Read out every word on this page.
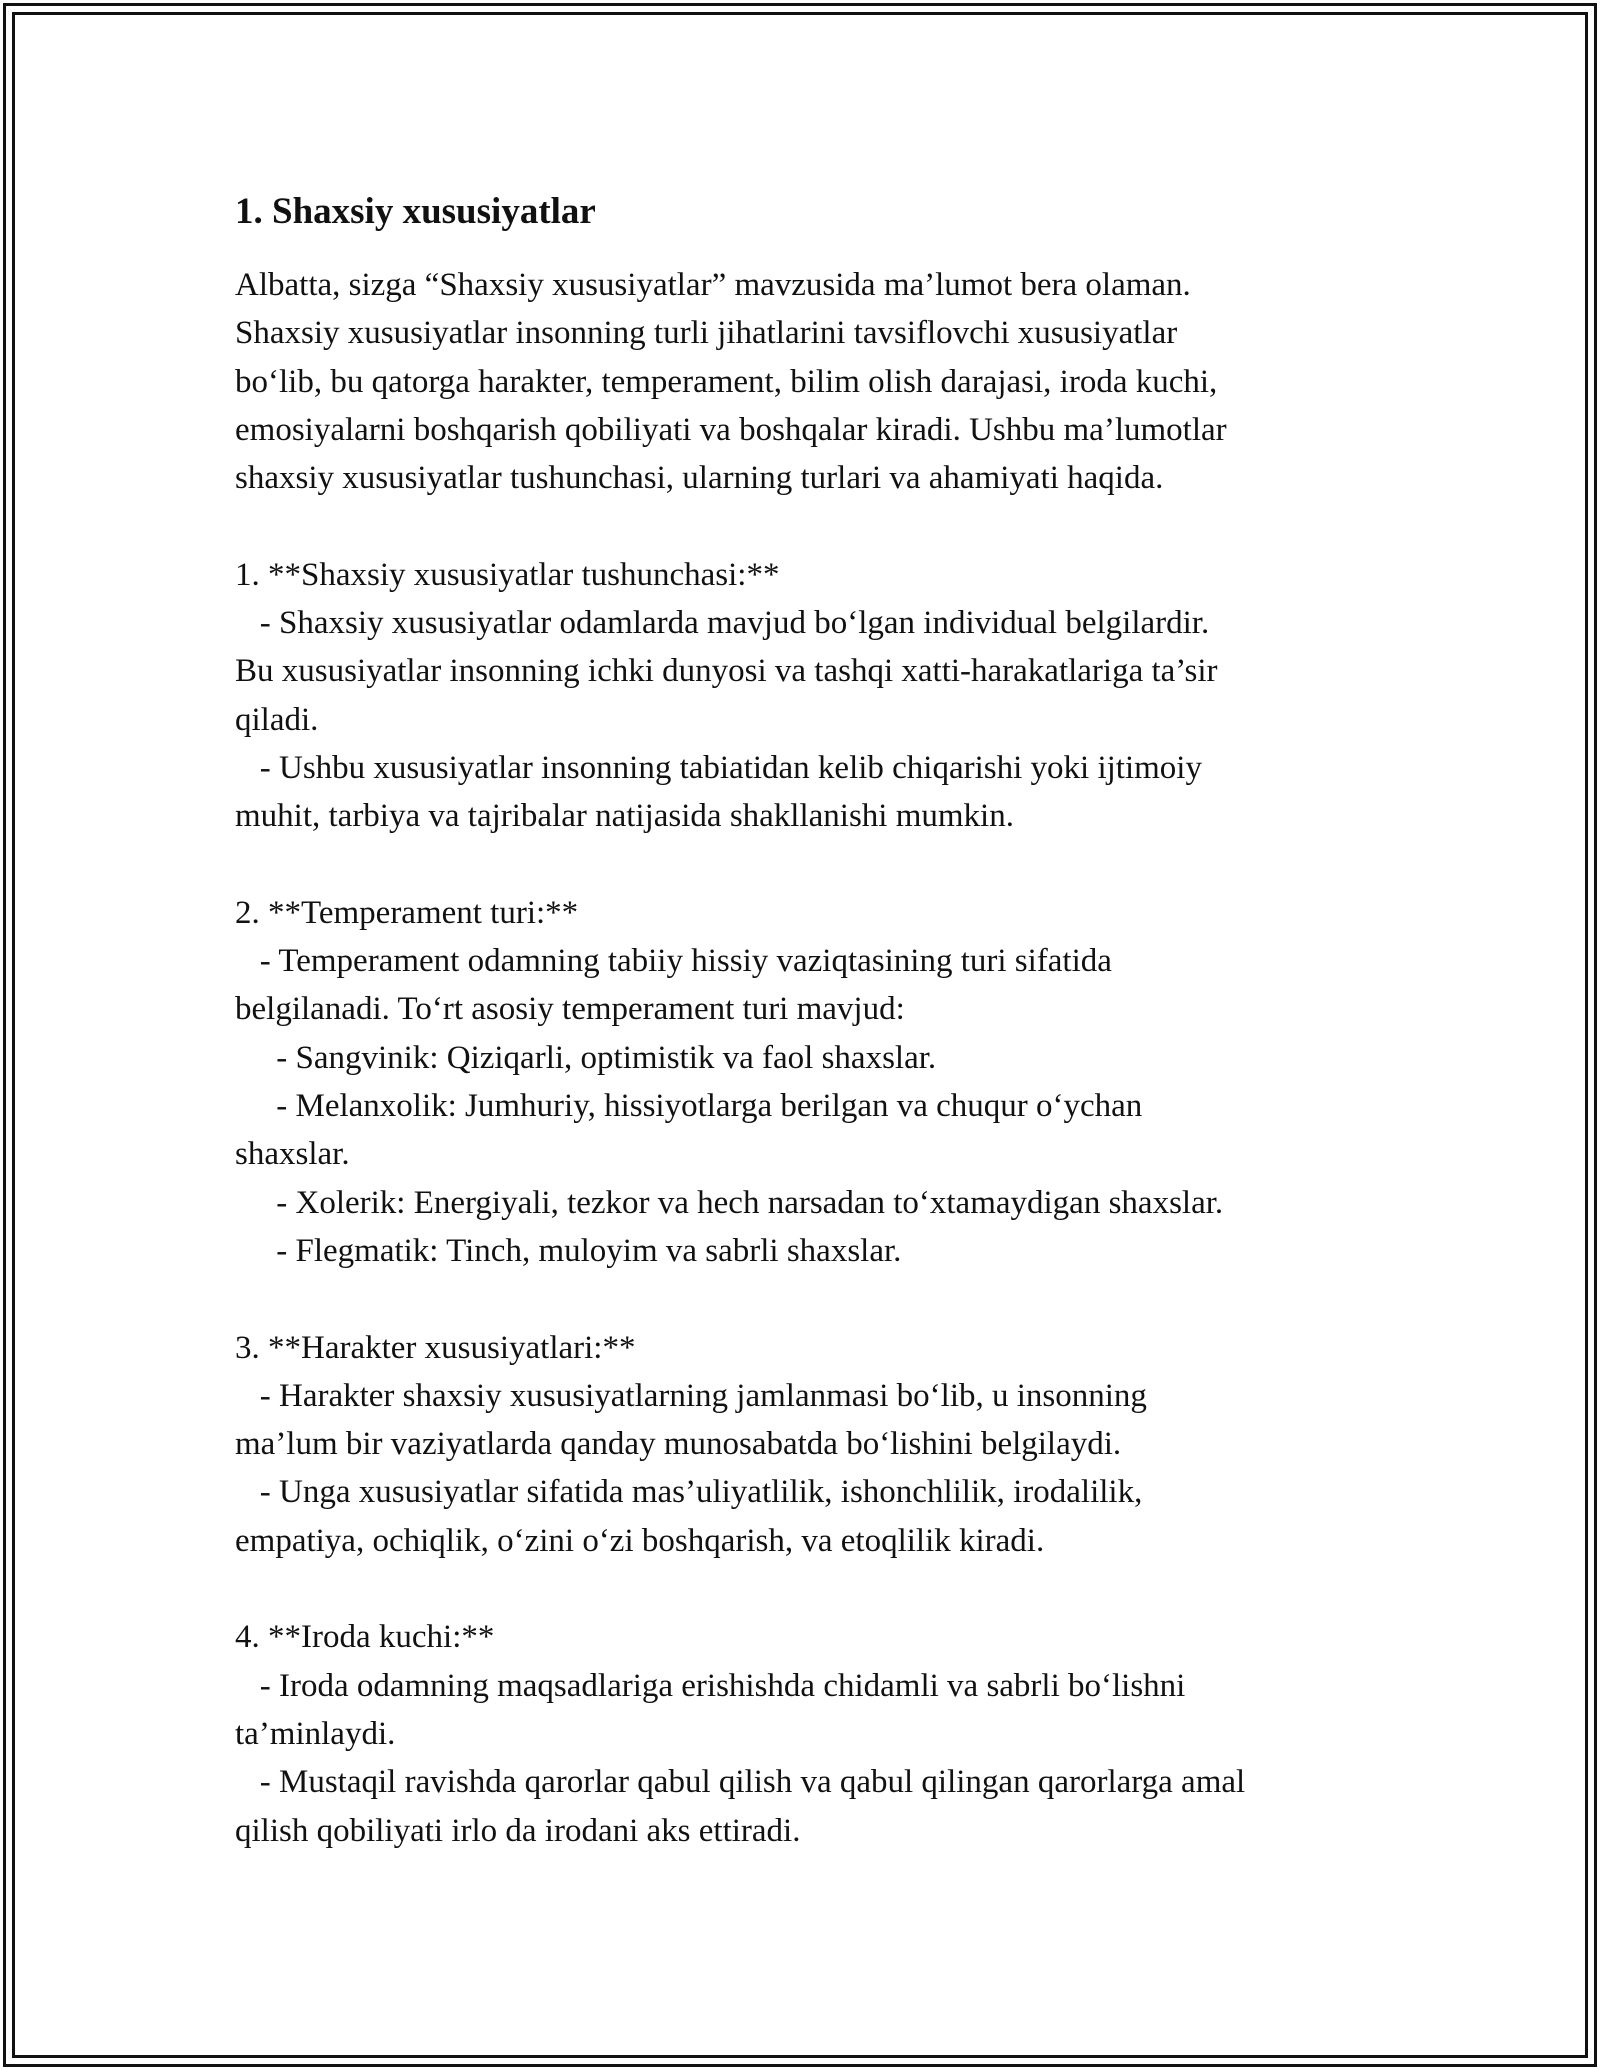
1. Shaxsiy xususiyatlar
Albatta, sizga “Shaxsiy xususiyatlar” mavzusida ma’lumot bera olaman.
Shaxsiy xususiyatlar insonning turli jihatlarini tavsiflovchi xususiyatlar
bo‘lib, bu qatorga harakter, temperament, bilim olish darajasi, iroda kuchi,
emosiyalarni boshqarish qobiliyati va boshqalar kiradi. Ushbu ma’lumotlar
shaxsiy xususiyatlar tushunchasi, ularning turlari va ahamiyati haqida.
1. **Shaxsiy xususiyatlar tushunchasi:**
- Shaxsiy xususiyatlar odamlarda mavjud bo‘lgan individual belgilardir.
Bu xususiyatlar insonning ichki dunyosi va tashqi xatti-harakatlariga ta’sir
qiladi.
- Ushbu xususiyatlar insonning tabiatidan kelib chiqarishi yoki ijtimoiy
muhit, tarbiya va tajribalar natijasida shakllanishi mumkin.
2. **Temperament turi:**
- Temperament odamning tabiiy hissiy vaziqtasining turi sifatida
belgilanadi. To‘rt asosiy temperament turi mavjud:
- Sangvinik: Qiziqarli, optimistik va faol shaxslar.
- Melanxolik: Jumhuriy, hissiyotlarga berilgan va chuqur o‘ychan
shaxslar.
- Xolerik: Energiyali, tezkor va hech narsadan to‘xtamaydigan shaxslar.
- Flegmatik: Tinch, muloyim va sabrli shaxslar.
3. **Harakter xususiyatlari:**
- Harakter shaxsiy xususiyatlarning jamlanmasi bo‘lib, u insonning
ma’lum bir vaziyatlarda qanday munosabatda bo‘lishini belgilaydi.
- Unga xususiyatlar sifatida mas’uliyatlilik, ishonchlilik, irodalilik,
empatiya, ochiqlik, o‘zini o‘zi boshqarish, va etoqlilik kiradi.
4. **Iroda kuchi:**
- Iroda odamning maqsadlariga erishishda chidamli va sabrli bo‘lishni
ta’minlaydi.
- Mustaqil ravishda qarorlar qabul qilish va qabul qilingan qarorlarga amal
qilish qobiliyati irlo da irodani aks ettiradi.
